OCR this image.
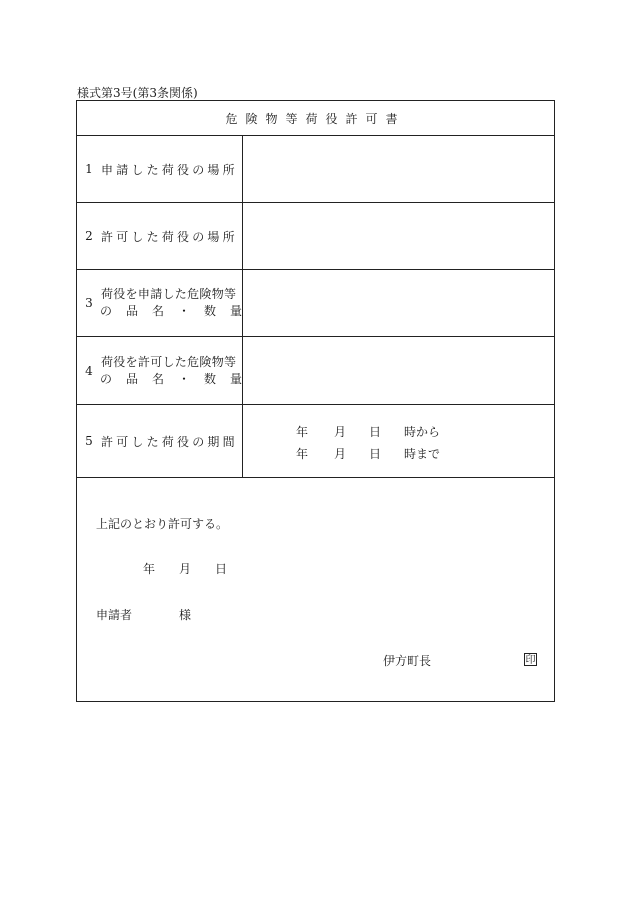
様式第3号(第3条関係)
危険物等荷役許可書
1 申請した荷役の場所
2 許可した荷役の場所
3
荷役を申請した危険物等
の品名・数量
4
荷役を許可した危険物等
の品名・数量
5 許可した荷役の期間
年 月 日 時から
年 月 日 時まで
上記のとおり許可する。
年 月 日
申請者	様
伊方町長	印
